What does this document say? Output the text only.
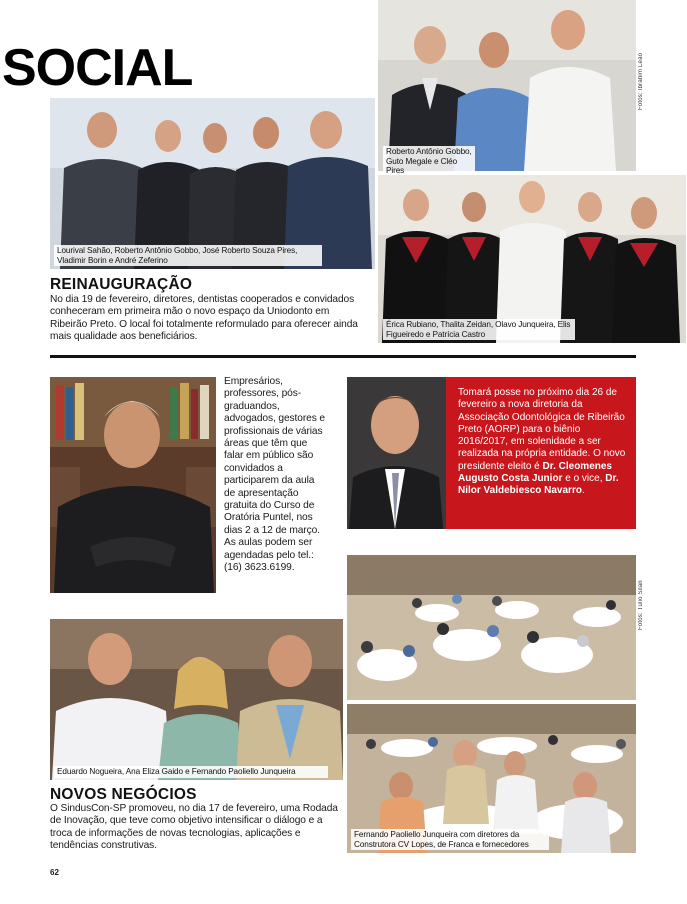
SOCIAL
Roberto Antônio Gobbo, Guto Megale e Cléo Pires
Fotos: Ibrahim Leão
Lourival Sahão, Roberto Antônio Gobbo, José Roberto Souza Pires, Vladimir Borin e André Zeferino
Érica Rubiano, Thalita Zeidan, Olavo Junqueira, Elis Figueiredo e Patrícia Castro
REINAUGURAÇÃO
No dia 19 de fevereiro, diretores, dentistas cooperados e convidados conheceram em primeira mão o novo espaço da Uniodonto em Ribeirão Preto. O local foi totalmente reformulado para oferecer ainda mais qualidade aos beneficiários.
Empresários, professores, pós-graduandos, advogados, gestores e profissionais de várias áreas que têm que falar em público são convidados a participarem da aula de apresentação gratuita do Curso de Oratória Puntel, nos dias 2 a 12 de março. As aulas podem ser agendadas pelo tel.: (16) 3623.6199.
Tomará posse no próximo dia 26 de fevereiro a nova diretoria da Associação Odontológica de Ribeirão Preto (AORP) para o biênio 2016/2017, em solenidade a ser realizada na própria entidade. O novo presidente eleito é Dr. Cleomenes Augusto Costa Junior e o vice, Dr. Nilor Valdebiesco Navarro.
Eduardo Nogueira, Ana Eliza Gaido e Fernando Paoliello Junqueira
NOVOS NEGÓCIOS
O SindusCon-SP promoveu, no dia 17 de fevereiro, uma Rodada de Inovação, que teve como objetivo intensificar o diálogo e a troca de informações de novas tecnologias, aplicações e tendências construtivas.
Fotos: Túlio Silan
Fernando Paoliello Junqueira com diretores da Construtora CV Lopes, de Franca e fornecedores
62
